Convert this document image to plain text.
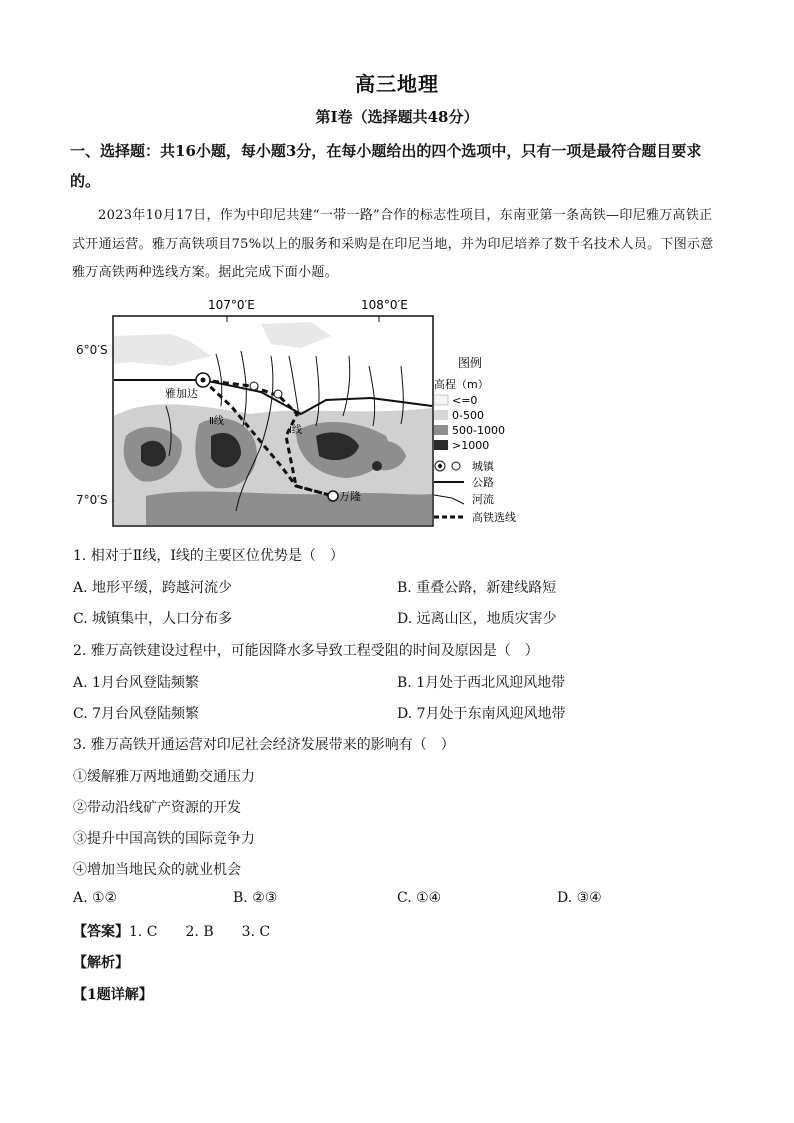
高三地理
第Ⅰ卷（选择题共48分）
一、选择题：共16小题，每小题3分，在每小题给出的四个选项中，只有一项是最符合题目要求的。
2023年10月17日，作为中印尼共建“一带一路”合作的标志性项目，东南亚第一条高铁—印尼雅万高铁正式开通运营。雅万高铁项目75%以上的服务和采购是在印尼当地，并为印尼培养了数千名技术人员。下图示意雅万高铁两种选线方案。据此完成下面小题。
107°0′E	108°0′E
雅加达
万隆
Ⅱ线
Ⅰ线
6°0′S
7°0′S
图例
高程（m）
<=0
0-500
500-1000
>1000
城镇
公路
河流
高铁选线
1. 相对于Ⅱ线，Ⅰ线的主要区位优势是（　）
A. 地形平缓，跨越河流少	B. 重叠公路，新建线路短
C. 城镇集中，人口分布多	D. 远离山区，地质灾害少
2. 雅万高铁建设过程中，可能因降水多导致工程受阻的时间及原因是（　）
A. 1月台风登陆频繁	B. 1月处于西北风迎风地带
C. 7月台风登陆频繁	D. 7月处于东南风迎风地带
3. 雅万高铁开通运营对印尼社会经济发展带来的影响有（　）
①缓解雅万两地通勤交通压力
②带动沿线矿产资源的开发
③提升中国高铁的国际竞争力
④增加当地民众的就业机会
A. ①②	B. ②③	C. ①④	D. ③④
【答案】1. C　　2. B　　3. C
【解析】
【1题详解】
